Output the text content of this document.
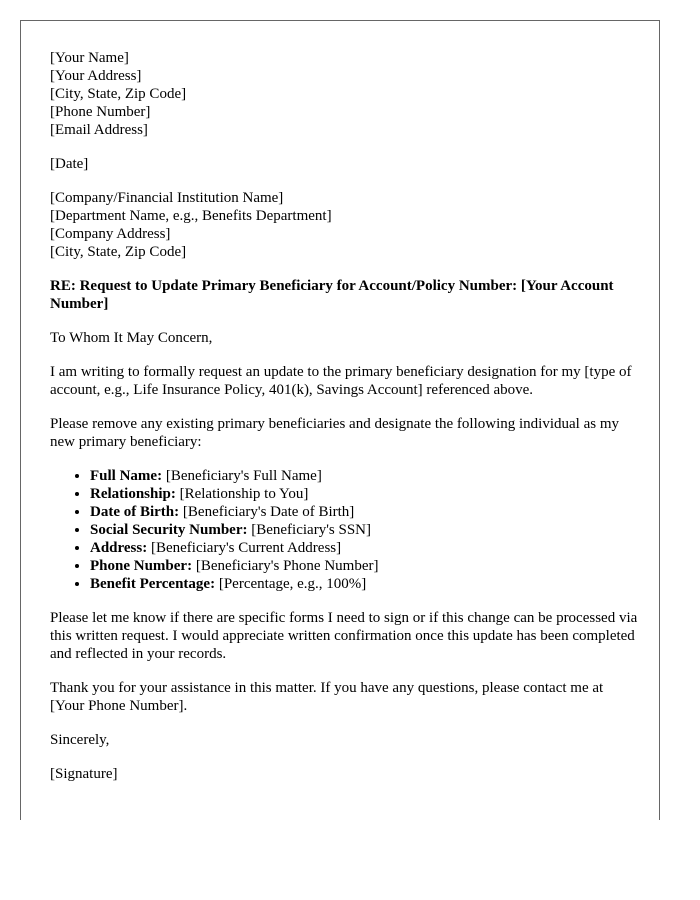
[Your Name]
[Your Address]
[City, State, Zip Code]
[Phone Number]
[Email Address]
[Date]
[Company/Financial Institution Name]
[Department Name, e.g., Benefits Department]
[Company Address]
[City, State, Zip Code]
RE: Request to Update Primary Beneficiary for Account/Policy Number: [Your Account Number]

To Whom It May Concern,

I am writing to formally request an update to the primary beneficiary designation for my [type of account, e.g., Life Insurance Policy, 401(k), Savings Account] referenced above.

Please remove any existing primary beneficiaries and designate the following individual as my new primary beneficiary:

• Full Name: [Beneficiary's Full Name]
• Relationship: [Relationship to You]
• Date of Birth: [Beneficiary's Date of Birth]
• Social Security Number: [Beneficiary's SSN]
• Address: [Beneficiary's Current Address]
• Phone Number: [Beneficiary's Phone Number]
• Benefit Percentage: [Percentage, e.g., 100%]

Please let me know if there are specific forms I need to sign or if this change can be processed via this written request. I would appreciate written confirmation once this update has been completed and reflected in your records.

Thank you for your assistance in this matter. If you have any questions, please contact me at [Your Phone Number].

Sincerely,

[Signature]
